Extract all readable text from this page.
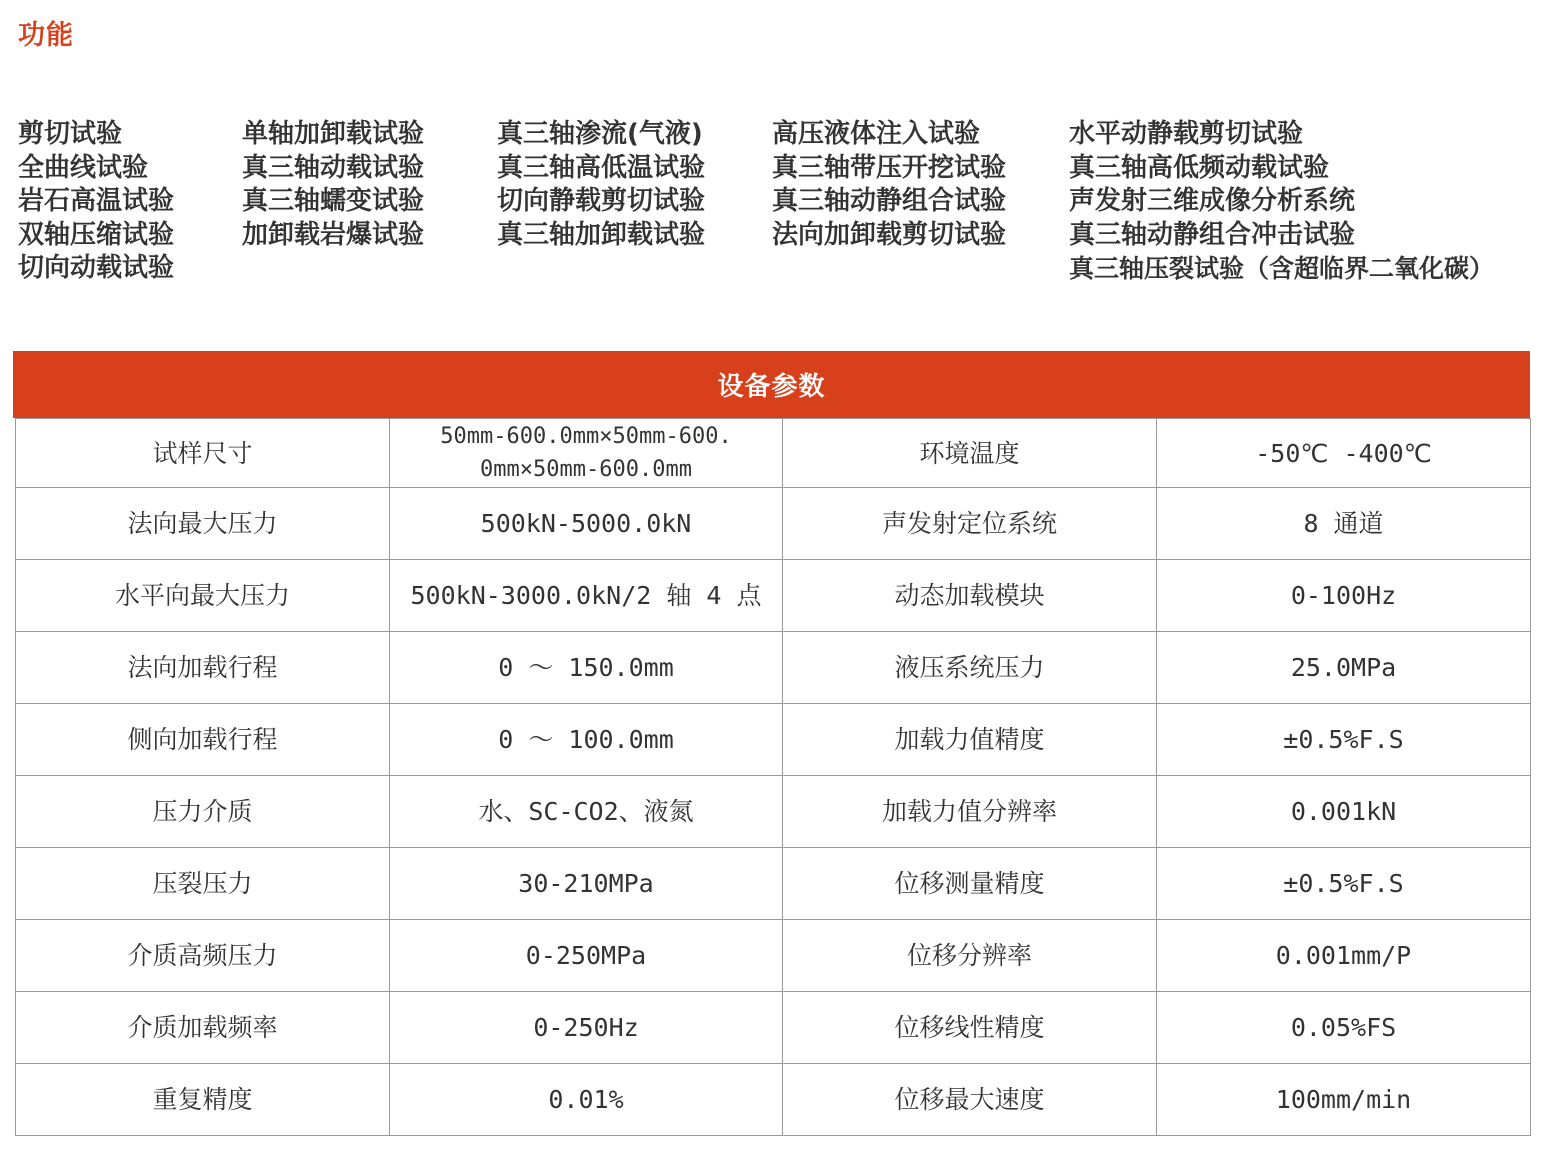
功能
剪切试验
全曲线试验
岩石高温试验
双轴压缩试验
切向动载试验
单轴加卸载试验
真三轴动载试验
真三轴蠕变试验
加卸载岩爆试验
真三轴渗流(气液)
真三轴高低温试验
切向静载剪切试验
真三轴加卸载试验
高压液体注入试验
真三轴带压开挖试验
真三轴动静组合试验
法向加卸载剪切试验
水平动静载剪切试验
真三轴高低频动载试验
声发射三维成像分析系统
真三轴动静组合冲击试验
真三轴压裂试验（含超临界二氧化碳）
设备参数
试样尺寸	50mm-600.0mm×50mm-600.0mm×50mm-600.0mm	环境温度	-50℃ -400℃
法向最大压力	500kN-5000.0kN	声发射定位系统	8 通道
水平向最大压力	500kN-3000.0kN/2 轴 4 点	动态加载模块	0-100Hz
法向加载行程	0 ～ 150.0mm	液压系统压力	25.0MPa
侧向加载行程	0 ～ 100.0mm	加载力值精度	±0.5%F.S
压力介质	水、SC-CO2、液氮	加载力值分辨率	0.001kN
压裂压力	30-210MPa	位移测量精度	±0.5%F.S
介质高频压力	0-250MPa	位移分辨率	0.001mm/P
介质加载频率	0-250Hz	位移线性精度	0.05%FS
重复精度	0.01%	位移最大速度	100mm/min
